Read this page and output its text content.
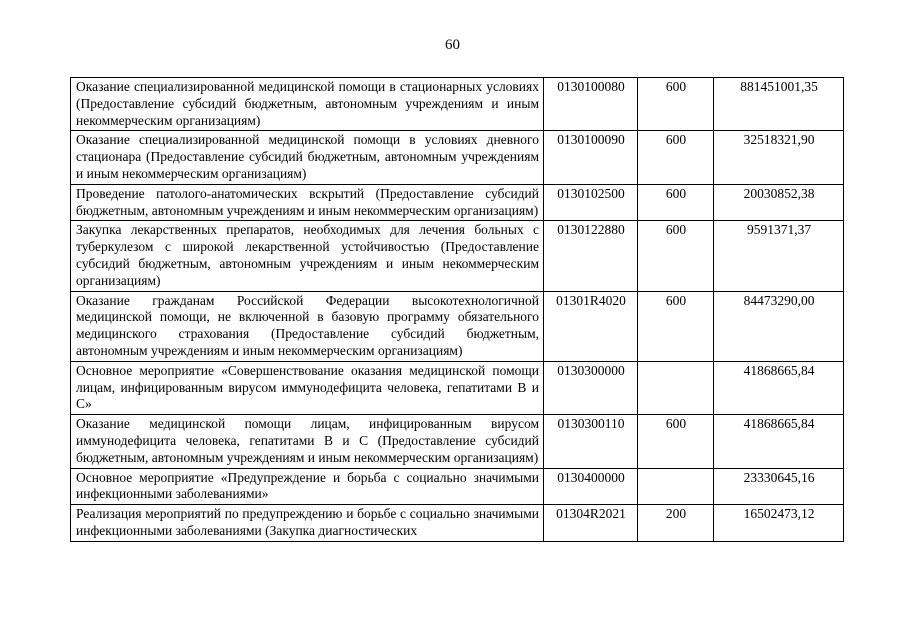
60
Оказание специализированной медицинской помощи в стационарных условиях (Предоставление субсидий бюджетным, автономным учреждениям и иным некоммерческим организациям)	0130100080	600	881451001,35
Оказание специализированной медицинской помощи в условиях дневного стационара (Предоставление субсидий бюджетным, автономным учреждениям и иным некоммерческим организациям)	0130100090	600	32518321,90
Проведение патолого-анатомических вскрытий (Предоставление субсидий бюджетным, автономным учреждениям и иным некоммерческим организациям)	0130102500	600	20030852,38
Закупка лекарственных препаратов, необходимых для лечения больных с туберкулезом с широкой лекарственной устойчивостью (Предоставление субсидий бюджетным, автономным учреждениям и иным некоммерческим организациям)	0130122880	600	9591371,37
Оказание гражданам Российской Федерации высокотехнологичной медицинской помощи, не включенной в базовую программу обязательного медицинского страхования (Предоставление субсидий бюджетным, автономным учреждениям и иным некоммерческим организациям)	01301R4020	600	84473290,00
Основное мероприятие «Совершенствование оказания медицинской помощи лицам, инфицированным вирусом иммунодефицита человека, гепатитами В и С»	0130300000		41868665,84
Оказание медицинской помощи лицам, инфицированным вирусом иммунодефицита человека, гепатитами В и С (Предоставление субсидий бюджетным, автономным учреждениям и иным некоммерческим организациям)	0130300110	600	41868665,84
Основное мероприятие «Предупреждение и борьба с социально значимыми инфекционными заболеваниями»	0130400000		23330645,16
Реализация мероприятий по предупреждению и борьбе с социально значимыми инфекционными заболеваниями (Закупка диагностических	01304R2021	200	16502473,12
